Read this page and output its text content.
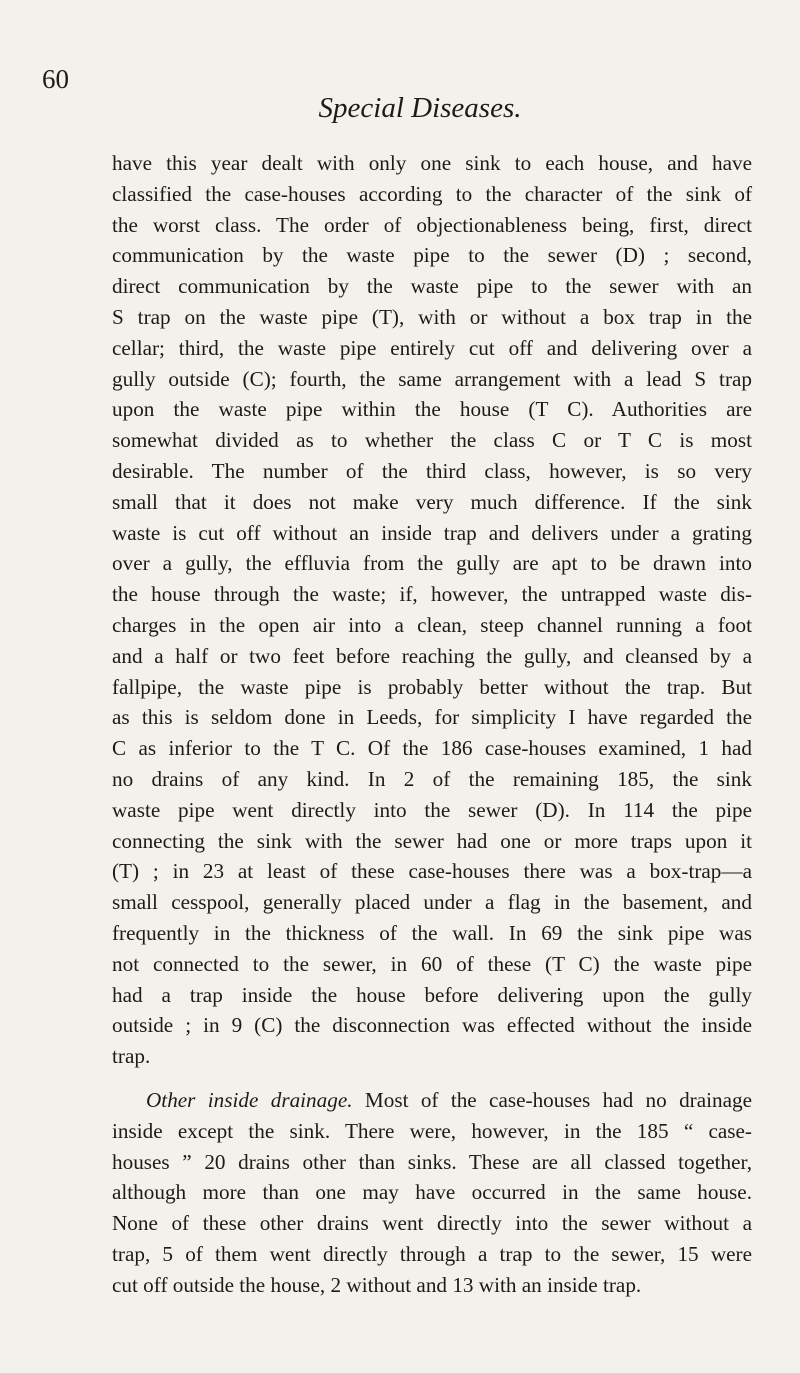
60
Special Diseases.
have this year dealt with only one sink to each house, and have
classified the case-houses according to the character of the sink of
the worst class. The order of objectionableness being, first, direct
communication by the waste pipe to the sewer (D) ; second,
direct communication by the waste pipe to the sewer with an
S trap on the waste pipe (T), with or without a box trap in the
cellar; third, the waste pipe entirely cut off and delivering over a
gully outside (C); fourth, the same arrangement with a lead S trap
upon the waste pipe within the house (T C). Authorities are
somewhat divided as to whether the class C or T C is most
desirable. The number of the third class, however, is so very
small that it does not make very much difference. If the sink
waste is cut off without an inside trap and delivers under a grating
over a gully, the effluvia from the gully are apt to be drawn into
the house through the waste; if, however, the untrapped waste dis-
charges in the open air into a clean, steep channel running a foot
and a half or two feet before reaching the gully, and cleansed by a
fallpipe, the waste pipe is probably better without the trap. But
as this is seldom done in Leeds, for simplicity I have regarded the
C as inferior to the T C. Of the 186 case-houses examined, 1 had
no drains of any kind. In 2 of the remaining 185, the sink
waste pipe went directly into the sewer (D). In 114 the pipe
connecting the sink with the sewer had one or more traps upon it
(T) ; in 23 at least of these case-houses there was a box-trap—a
small cesspool, generally placed under a flag in the basement, and
frequently in the thickness of the wall. In 69 the sink pipe was
not connected to the sewer, in 60 of these (T C) the waste pipe
had a trap inside the house before delivering upon the gully
outside ; in 9 (C) the disconnection was effected without the inside
trap.
Other inside drainage. Most of the case-houses had no drainage
inside except the sink. There were, however, in the 185 “ case-
houses ” 20 drains other than sinks. These are all classed together,
although more than one may have occurred in the same house.
None of these other drains went directly into the sewer without a
trap, 5 of them went directly through a trap to the sewer, 15 were
cut off outside the house, 2 without and 13 with an inside trap.
